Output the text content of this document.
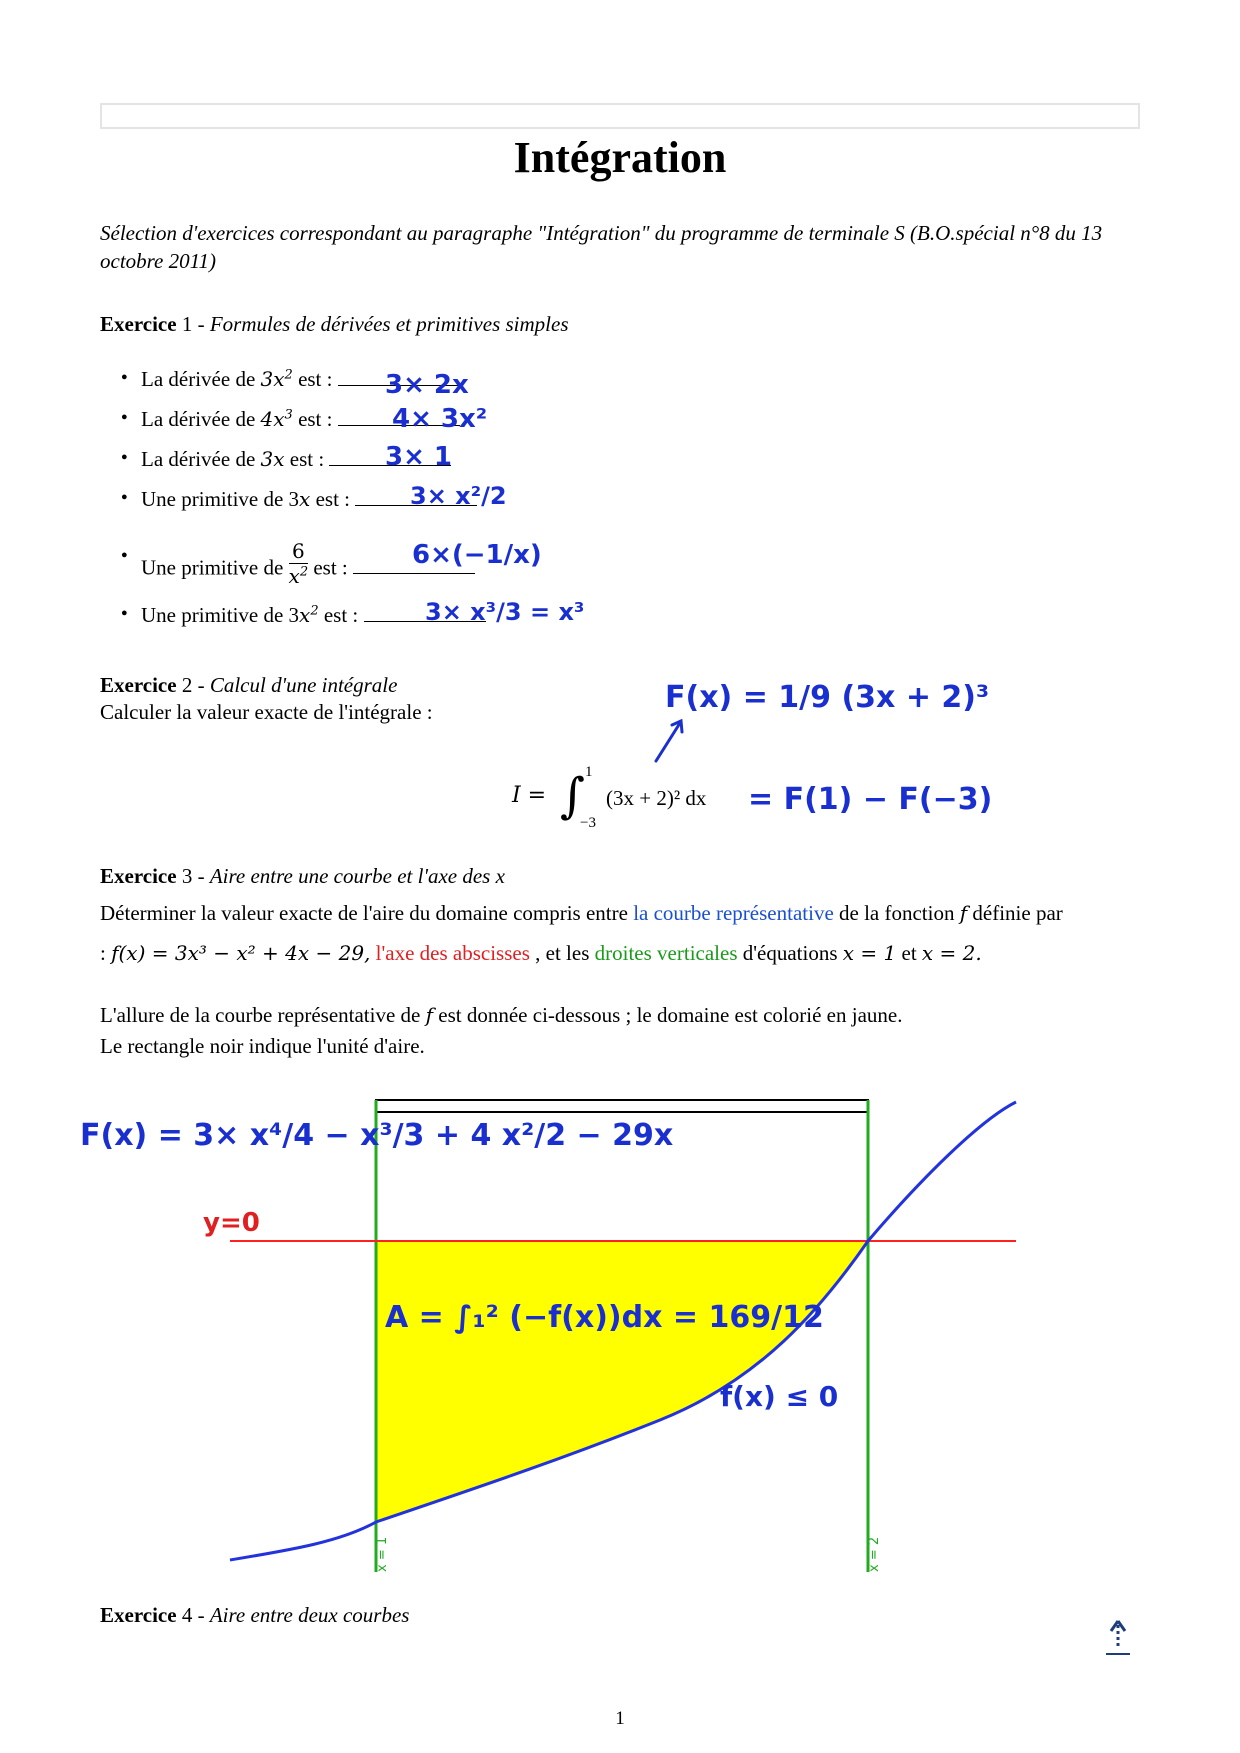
Intégration
Sélection d'exercices correspondant au paragraphe "Intégration" du programme de terminale S (B.O.spécial n°8 du 13 octobre 2011)
Exercice 1 - Formules de dérivées et primitives simples
● La dérivée de $3x^2$ est :
● La dérivée de $4x^3$ est :
● La dérivée de 3x est :
● Une primitive de 3x est :
● Une primitive de $\frac{6}{x^2}$ est :
● Une primitive de $3x^2$ est :
3× 2x
4× 3x²
3× 1
3× x²/2
6×(−1/x)
3× x³/3 = x³
Exercice 2 - Calcul d'une intégrale
Calculer la valeur exacte de l'intégrale :
I = ∫ 1
−3
(3x + 2)² dx
F(x) = 1/9 (3x + 2)³
= F(1) − F(−3)
Exercice 3 - Aire entre une courbe et l'axe des x
Déterminer la valeur exacte de l'aire du domaine compris entre la courbe représentative de la fonction f définie par
: f(x) = 3x³ − x² + 4x − 29, l'axe des abscisses , et les droites verticales d'équations x = 1 et x = 2.
L'allure de la courbe représentative de f est donnée ci-dessous ; le domaine est colorié en jaune.
Le rectangle noir indique l'unité d'aire.
x = 1	x = 2
F(x) = 3× x⁴/4 − x³/3 + 4 x²/2 − 29x
y=0
A = ∫₁² (−f(x))dx = 169/12
f(x) ≤ 0
Exercice 4 - Aire entre deux courbes
1
